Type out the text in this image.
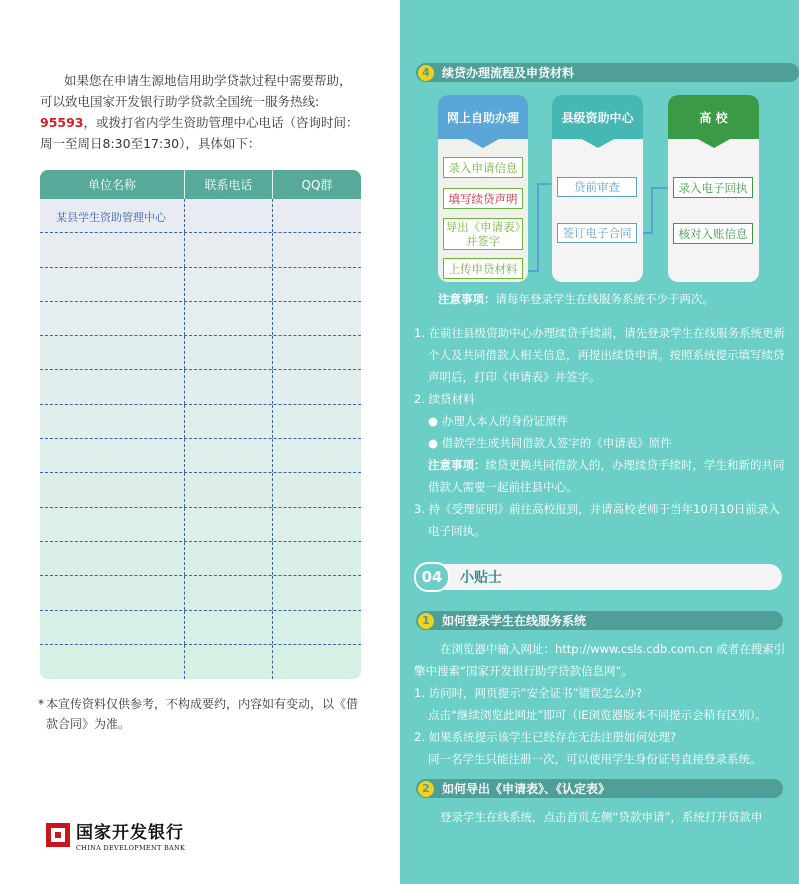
如果您在申请生源地信用助学贷款过程中需要帮助，可以致电国家开发银行助学贷款全国统一服务热线: 95593，或拨打省内学生资助管理中心电话（咨询时间：周一至周日8:30至17:30），具体如下：
单位名称	联系电话	QQ群
某县学生资助管理中心
* 本宣传资料仅供参考，不构成要约，内容如有变动，以《借款合同》为准。
国家开发银行
CHINA DEVELOPMENT BANK
4	续贷办理流程及申贷材料
网上自助办理
录入申请信息
填写续贷声明
导出《申请表》并签字
上传申贷材料
县级资助中心
贷前审查
签订电子合同
高 校
录入电子回执
核对入账信息
注意事项：请每年登录学生在线服务系统不少于两次。

1. 在前往县级资助中心办理续贷手续前，请先登录学生在线服务系统更新个人及共同借款人相关信息，再提出续贷申请。按照系统提示填写续贷声明后，打印《申请表》并签字。

2. 续贷材料

● 办理人本人的身份证原件

● 借款学生或共同借款人签字的《申请表》原件

注意事项：续贷更换共同借款人的，办理续贷手续时，学生和新的共同借款人需要一起前往县中心。

3. 持《受理证明》前往高校报到，并请高校老师于当年10月10日前录入电子回执。

04	小贴士
1	如何登录学生在线服务系统

在浏览器中输入网址：http://www.csls.cdb.com.cn 或者在搜索引擎中搜索“国家开发银行助学贷款信息网”。

1. 访问时，网页提示“安全证书”错误怎么办?

点击“继续浏览此网址”即可（IE浏览器版本不同提示会稍有区别）。

2. 如果系统提示该学生已经存在无法注册如何处理?

同一名学生只能注册一次，可以使用学生身份证号直接登录系统。

2	如何导出《申请表》、《认定表》
登录学生在线系统，点击首页左侧“贷款申请”，系统打开贷款申
